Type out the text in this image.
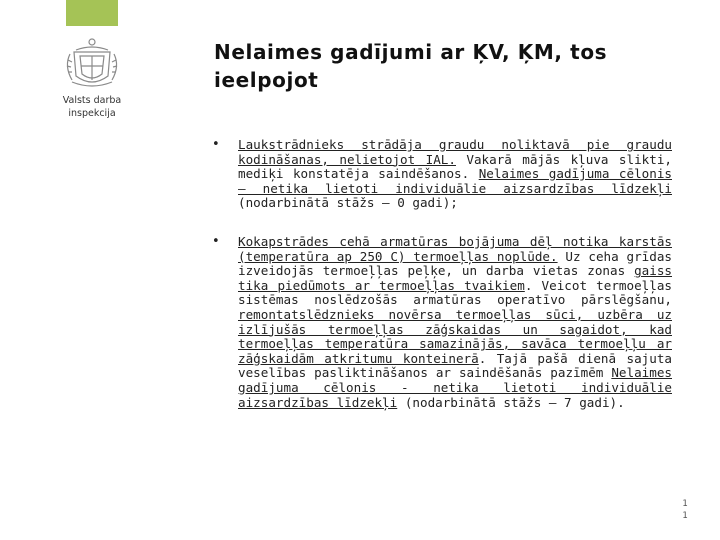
Valsts darba
inspekcija
Nelaimes gadījumi ar ĶV, ĶM, tos ieelpojot
• Laukstrādnieks strādāja graudu noliktavā pie graudu kodināšanas, nelietojot IAL. Vakarā mājās kļuva slikti, mediķi konstatēja saindēšanos. Nelaimes gadījuma cēlonis – netika lietoti individuālie aizsardzības līdzekļi (nodarbinātā stāžs – 0 gadi);

• Kokapstrādes cehā armatūras bojājuma dēļ notika karstās (temperatūra ap 250 C) termoeļļas noplūde. Uz ceha grīdas izveidojās termoeļļas peļķe, un darba vietas zonas gaiss tika piedūmots ar termoeļļas tvaikiem. Veicot termoeļļas sistēmas noslēdzošās armatūras operatīvo pārslēgšanu, remontatslēdznieks novērsa termoeļļas sūci, uzbēra uz izlījušās termoeļļas zāģskaidas un sagaidot, kad termoeļļas temperatūra samazinājās, savāca termoeļļu ar zāģskaidām atkritumu konteinerā. Tajā pašā dienā sajuta veselības pasliktināšanos ar saindēšanās pazīmēm Nelaimes gadījuma cēlonis - netika lietoti individuālie aizsardzības līdzekļi (nodarbinātā stāžs – 7 gadi).

1
1
